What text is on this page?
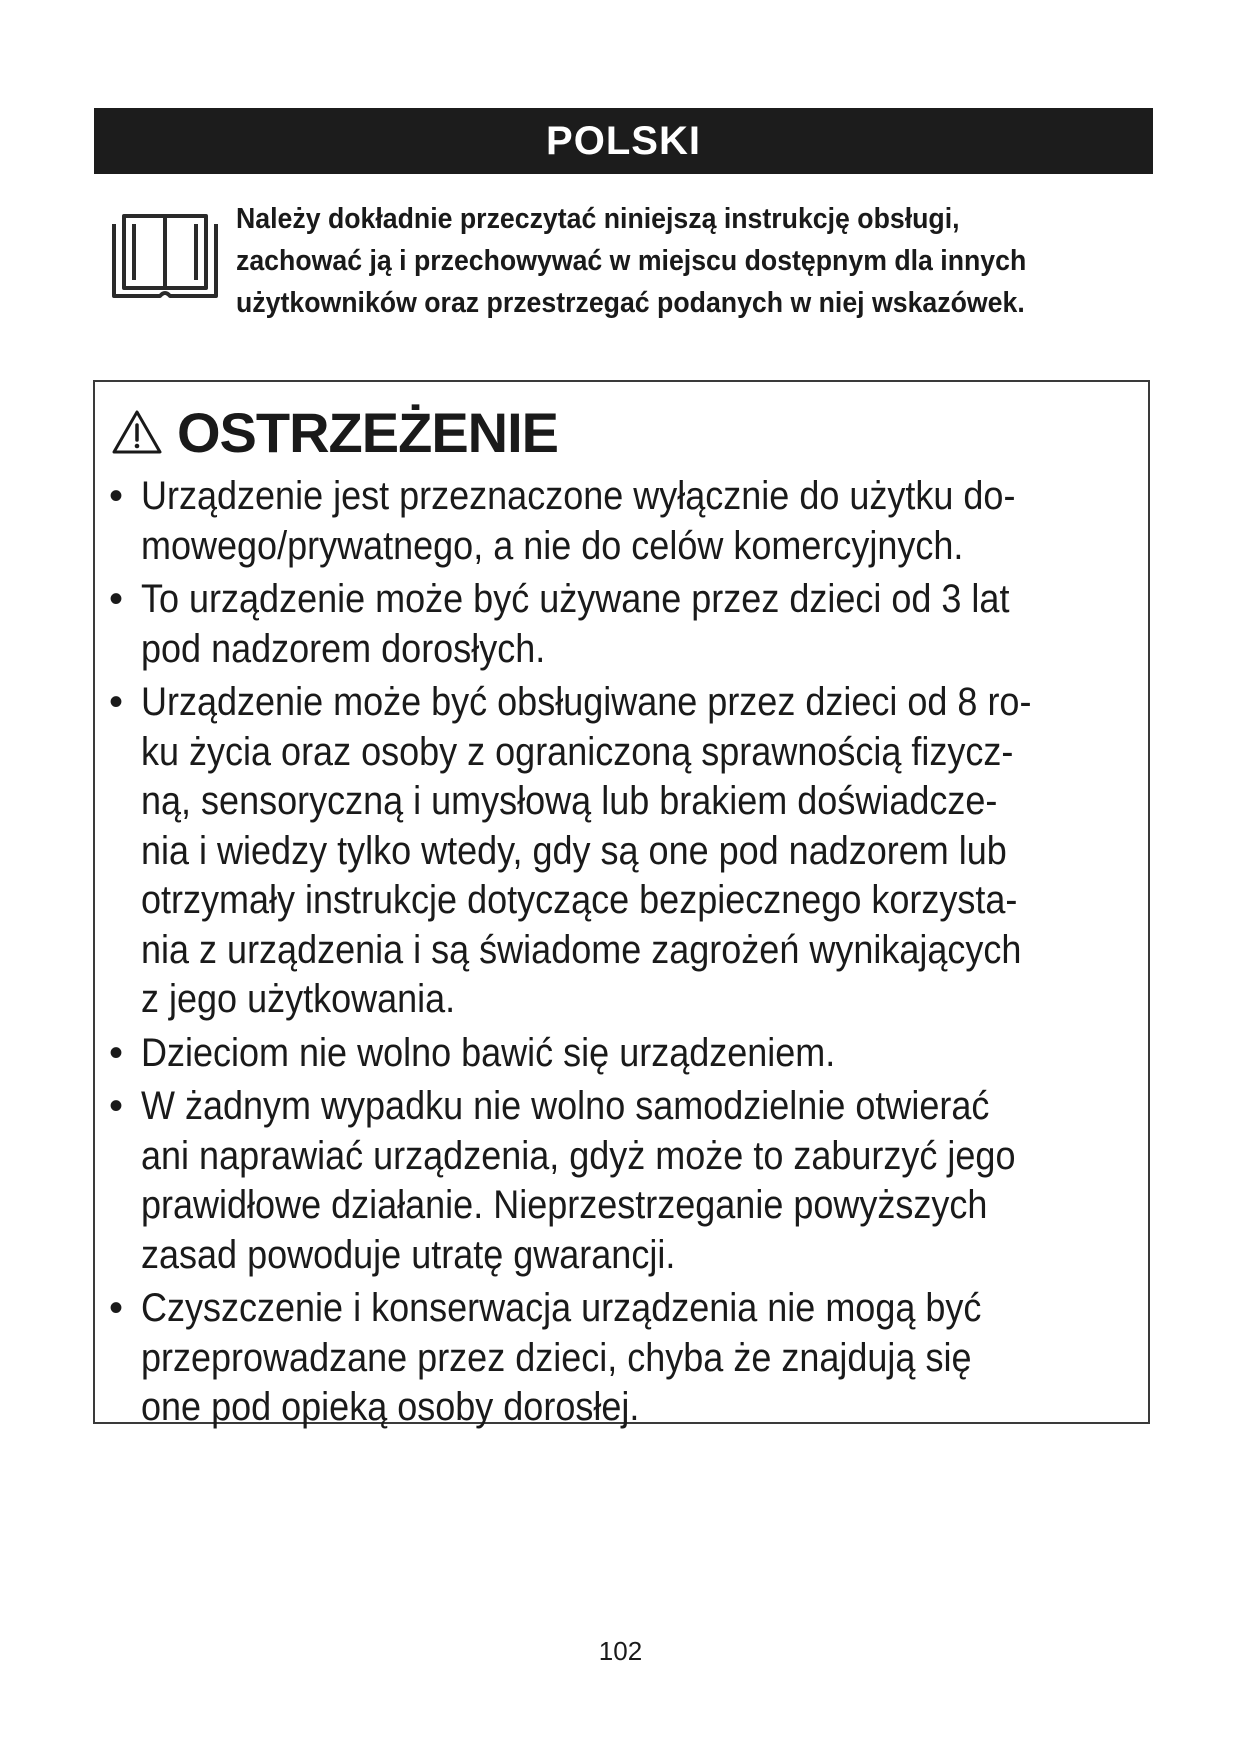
POLSKI
Należy dokładnie przeczytać niniejszą instrukcję obsługi,
zachować ją i przechowywać w miejscu dostępnym dla innych
użytkowników oraz przestrzegać podanych w niej wskazówek.
OSTRZEŻENIE
• Urządzenie jest przeznaczone wyłącznie do użytku do-
mowego/prywatnego, a nie do celów komercyjnych.
• To urządzenie może być używane przez dzieci od 3 lat
pod nadzorem dorosłych.
• Urządzenie może być obsługiwane przez dzieci od 8 ro-
ku życia oraz osoby z ograniczoną sprawnością fizycz-
ną, sensoryczną i umysłową lub brakiem doświadcze-
nia i wiedzy tylko wtedy, gdy są one pod nadzorem lub
otrzymały instrukcje dotyczące bezpiecznego korzysta-
nia z urządzenia i są świadome zagrożeń wynikających
z jego użytkowania.
• Dzieciom nie wolno bawić się urządzeniem.
• W żadnym wypadku nie wolno samodzielnie otwierać
ani naprawiać urządzenia, gdyż może to zaburzyć jego
prawidłowe działanie. Nieprzestrzeganie powyższych
zasad powoduje utratę gwarancji.
• Czyszczenie i konserwacja urządzenia nie mogą być
przeprowadzane przez dzieci, chyba że znajdują się
one pod opieką osoby dorosłej.
102
